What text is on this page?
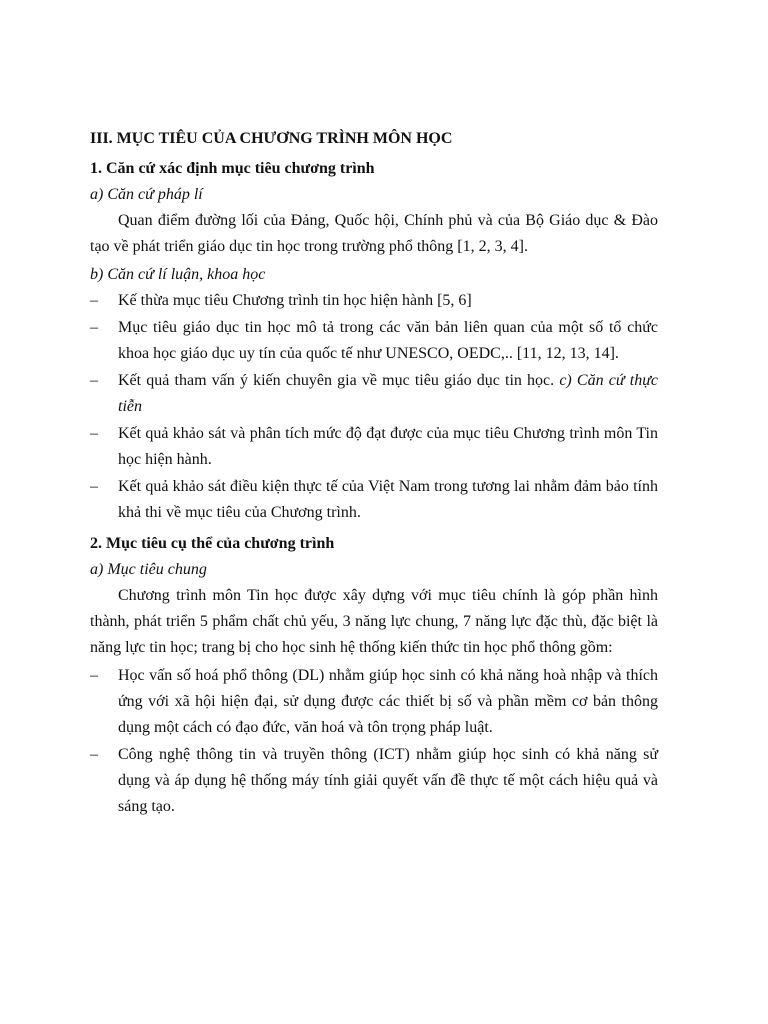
III. MỤC TIÊU CỦA CHƯƠNG TRÌNH MÔN HỌC
1. Căn cứ xác định mục tiêu chương trình
a) Căn cứ pháp lí
Quan điểm đường lối của Đảng, Quốc hội, Chính phủ và của Bộ Giáo dục & Đào tạo về phát triển giáo dục tin học trong trường phổ thông [1, 2, 3, 4].
b) Căn cứ lí luận, khoa học
–	Kế thừa mục tiêu Chương trình tin học hiện hành [5, 6]
–	Mục tiêu giáo dục tin học mô tả trong các văn bản liên quan của một số tổ chức khoa học giáo dục uy tín của quốc tế như UNESCO, OEDC,.. [11, 12, 13, 14].
–	Kết quả tham vấn ý kiến chuyên gia về mục tiêu giáo dục tin học. c) Căn cứ thực tiễn
–	Kết quả khảo sát và phân tích mức độ đạt được của mục tiêu Chương trình môn Tin học hiện hành.
–	Kết quả khảo sát điều kiện thực tế của Việt Nam trong tương lai nhằm đảm bảo tính khả thi về mục tiêu của Chương trình.
2. Mục tiêu cụ thể của chương trình
a) Mục tiêu chung
Chương trình môn Tin học được xây dựng với mục tiêu chính là góp phần hình thành, phát triển 5 phẩm chất chủ yếu, 3 năng lực chung, 7 năng lực đặc thù, đặc biệt là năng lực tin học; trang bị cho học sinh hệ thống kiến thức tin học phổ thông gồm:
–	Học vấn số hoá phổ thông (DL) nhằm giúp học sinh có khả năng hoà nhập và thích ứng với xã hội hiện đại, sử dụng được các thiết bị số và phần mềm cơ bản thông dụng một cách có đạo đức, văn hoá và tôn trọng pháp luật.
–	Công nghệ thông tin và truyền thông (ICT) nhằm giúp học sinh có khả năng sử dụng và áp dụng hệ thống máy tính giải quyết vấn đề thực tế một cách hiệu quả và sáng tạo.
